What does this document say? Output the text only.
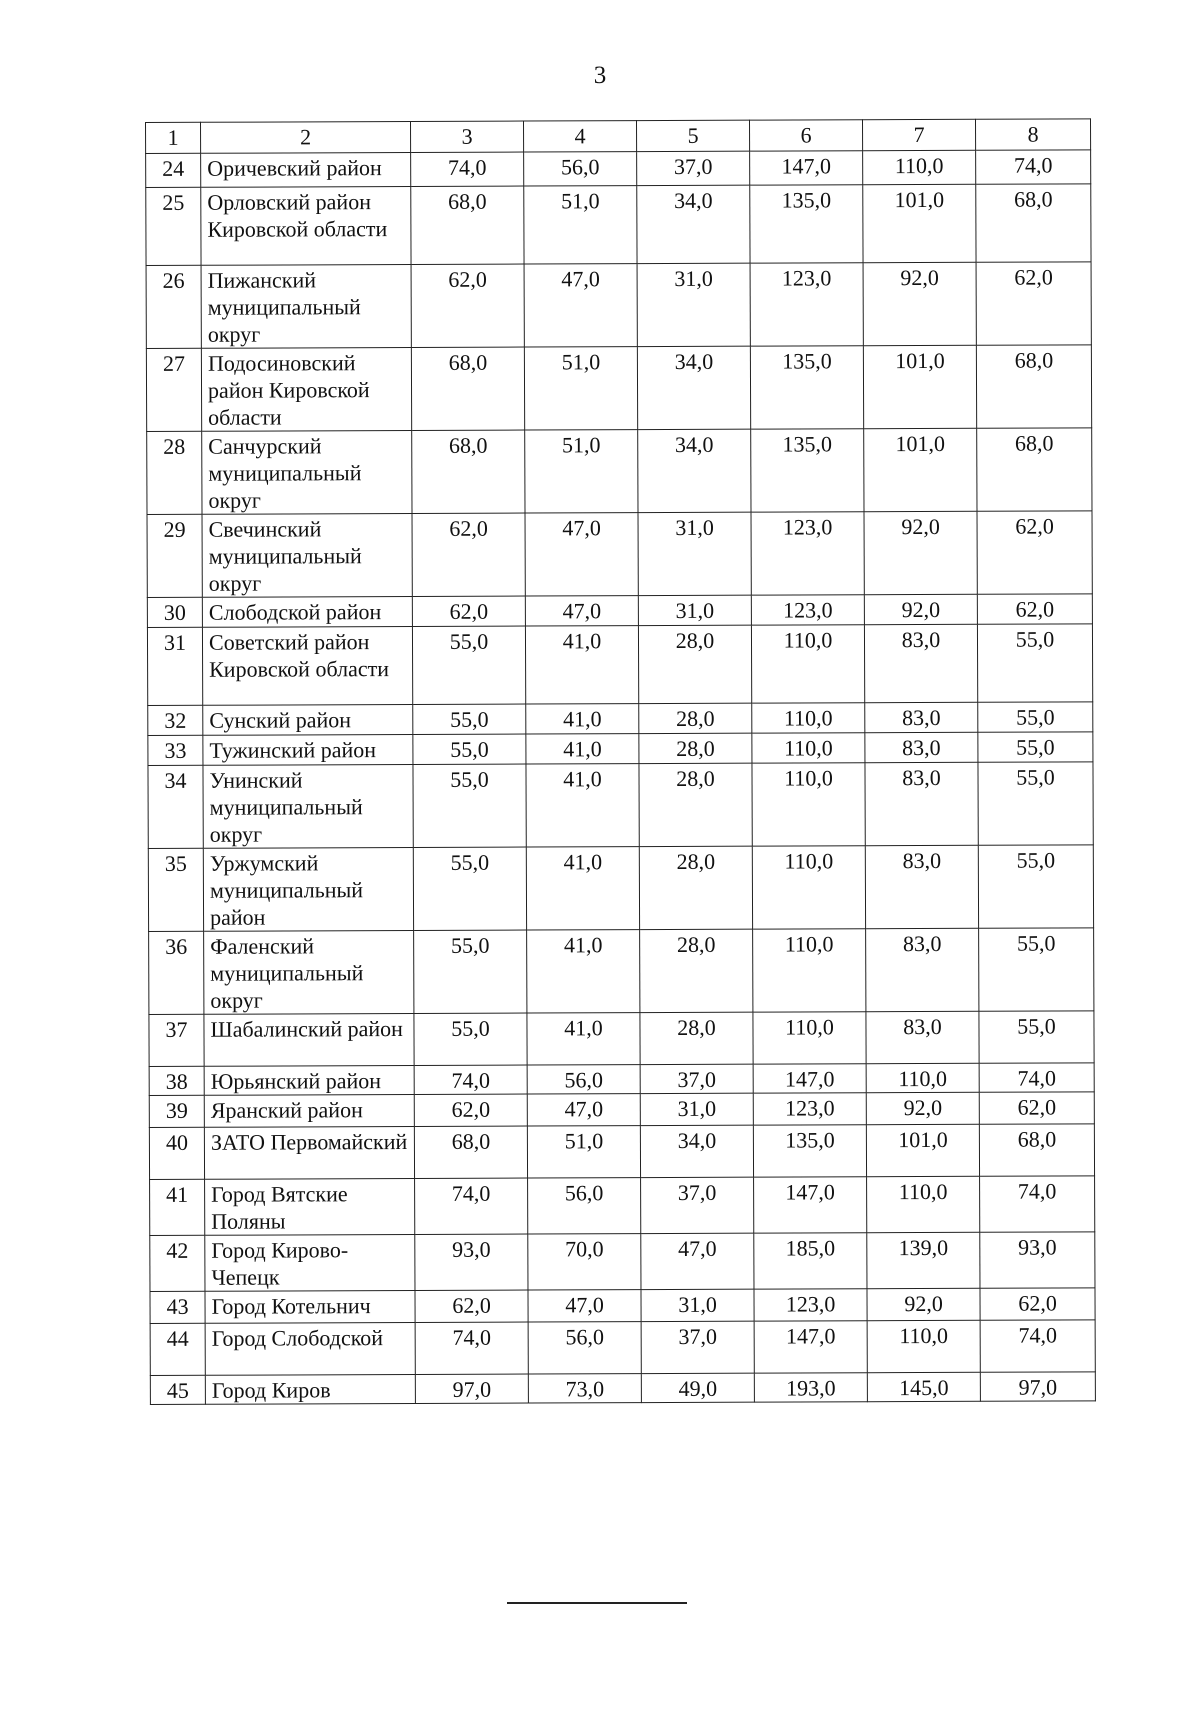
3
1	2	3	4	5	6	7	8
24	Оричевский район	74,0	56,0	37,0	147,0	110,0	74,0
25	Орловский район Кировской области	68,0	51,0	34,0	135,0	101,0	68,0
26	Пижанский муниципальный округ	62,0	47,0	31,0	123,0	92,0	62,0
27	Подосиновский район Кировской области	68,0	51,0	34,0	135,0	101,0	68,0
28	Санчурский муниципальный округ	68,0	51,0	34,0	135,0	101,0	68,0
29	Свечинский муниципальный округ	62,0	47,0	31,0	123,0	92,0	62,0
30	Слободской район	62,0	47,0	31,0	123,0	92,0	62,0
31	Советский район Кировской области	55,0	41,0	28,0	110,0	83,0	55,0
32	Сунский район	55,0	41,0	28,0	110,0	83,0	55,0
33	Тужинский район	55,0	41,0	28,0	110,0	83,0	55,0
34	Унинский муниципальный округ	55,0	41,0	28,0	110,0	83,0	55,0
35	Уржумский муниципальный район	55,0	41,0	28,0	110,0	83,0	55,0
36	Фаленский муниципальный округ	55,0	41,0	28,0	110,0	83,0	55,0
37	Шабалинский район	55,0	41,0	28,0	110,0	83,0	55,0
38	Юрьянский район	74,0	56,0	37,0	147,0	110,0	74,0
39	Яранский район	62,0	47,0	31,0	123,0	92,0	62,0
40	ЗАТО Первомайский	68,0	51,0	34,0	135,0	101,0	68,0
41	Город Вятские Поляны	74,0	56,0	37,0	147,0	110,0	74,0
42	Город Кирово-Чепецк	93,0	70,0	47,0	185,0	139,0	93,0
43	Город Котельнич	62,0	47,0	31,0	123,0	92,0	62,0
44	Город Слободской	74,0	56,0	37,0	147,0	110,0	74,0
45	Город Киров	97,0	73,0	49,0	193,0	145,0	97,0
